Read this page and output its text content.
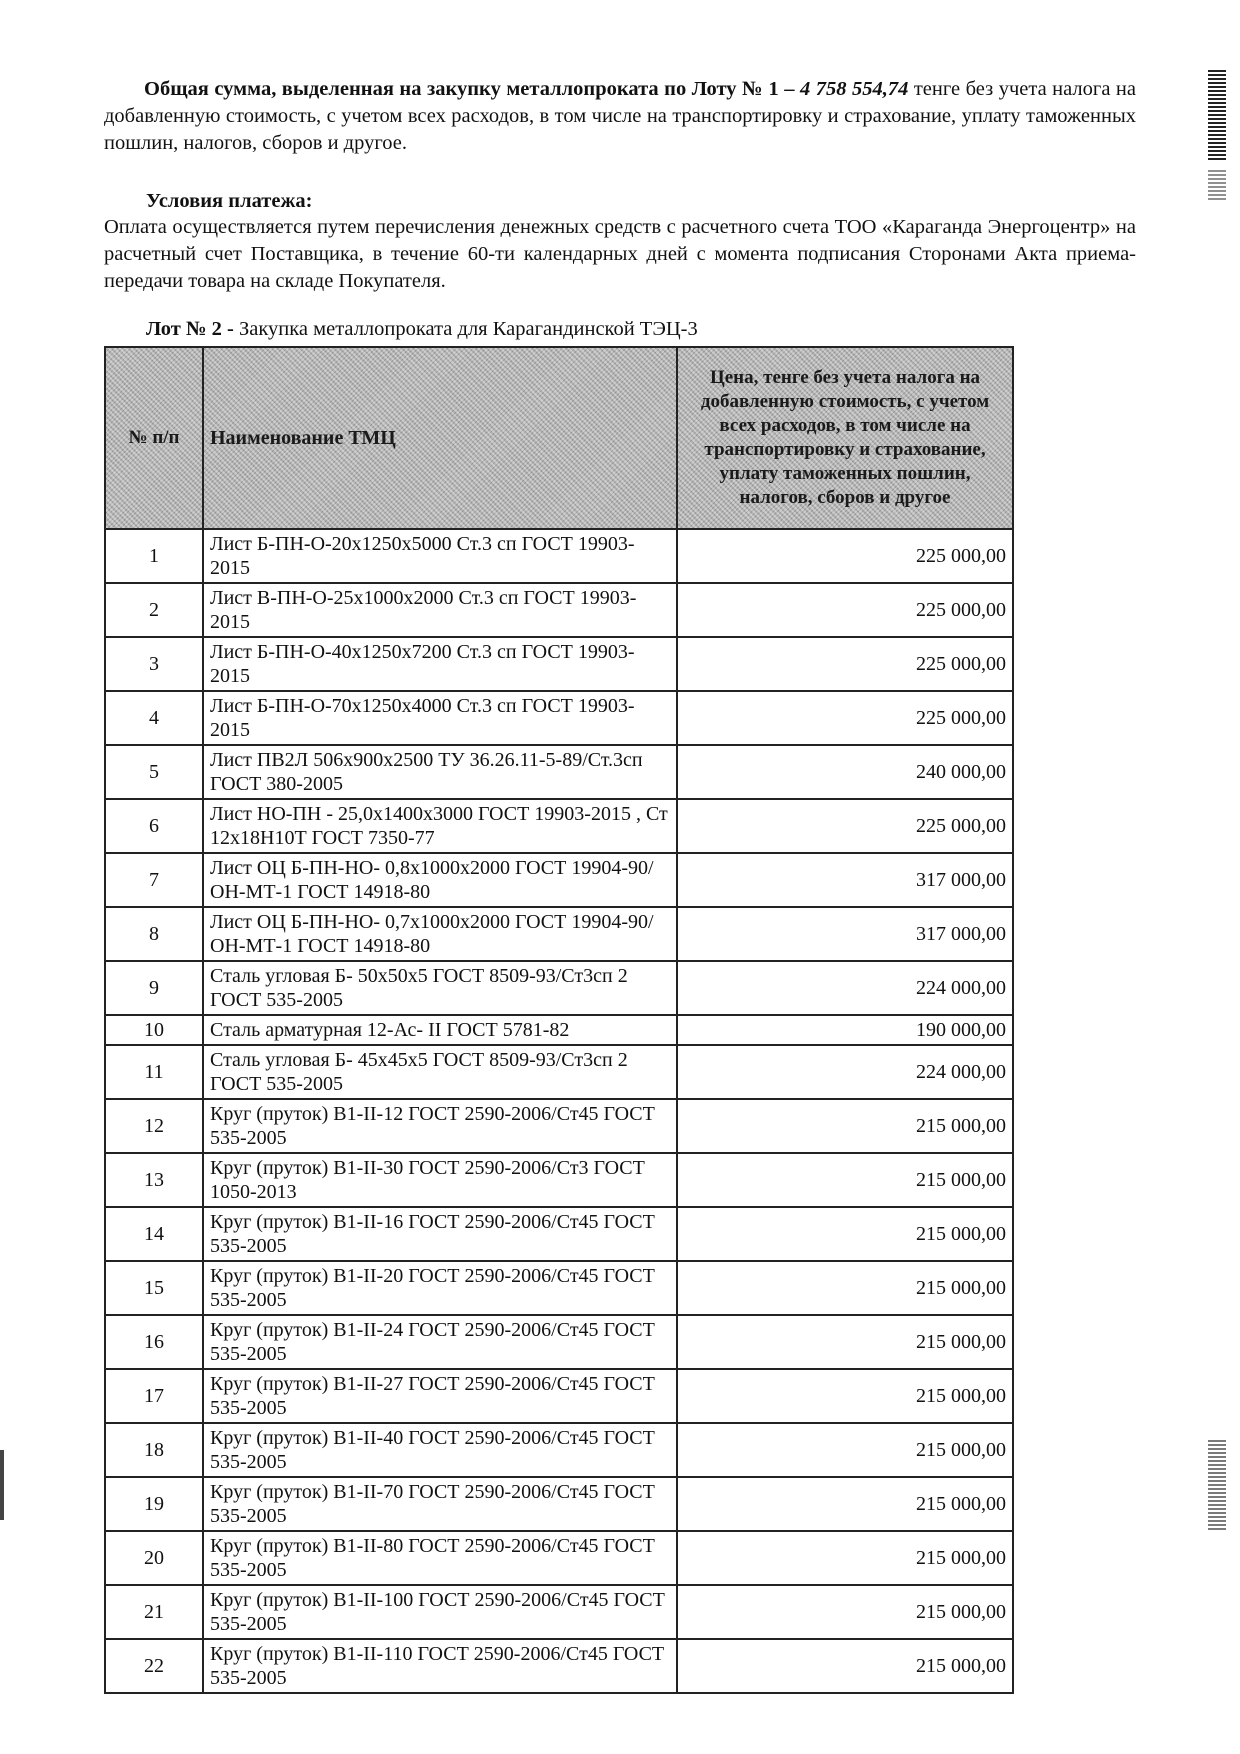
Общая сумма, выделенная на закупку металлопроката по Лоту № 1 – 4 758 554,74 тенге без учета налога на добавленную стоимость, с учетом всех расходов, в том числе на транспортировку и страхование, уплату таможенных пошлин, налогов, сборов и другое.
Условия платежа:
Оплата осуществляется путем перечисления денежных средств с расчетного счета ТОО «Караганда Энергоцентр» на расчетный счет Поставщика, в течение 60-ти календарных дней с момента подписания Сторонами Акта приема-передачи товара на складе Покупателя.
Лот № 2 - Закупка металлопроката для Карагандинской ТЭЦ-3
№ п/п	Наименование ТМЦ	Цена, тенге без учета налога на добавленную стоимость, с учетом всех расходов, в том числе на транспортировку и страхование, уплату таможенных пошлин, налогов, сборов и другое
1	Лист Б-ПН-О-20х1250х5000 Ст.3 сп ГОСТ 19903-2015	225 000,00
2	Лист В-ПН-О-25х1000х2000 Ст.3 сп ГОСТ 19903-2015	225 000,00
3	Лист Б-ПН-О-40х1250х7200 Ст.3 сп ГОСТ 19903-2015	225 000,00
4	Лист Б-ПН-О-70х1250х4000 Ст.3 сп ГОСТ 19903-2015	225 000,00
5	Лист ПВ2Л 506х900х2500 ТУ 36.26.11-5-89/Ст.3сп ГОСТ 380-2005	240 000,00
6	Лист НО-ПН - 25,0х1400х3000 ГОСТ 19903-2015 , Ст 12х18Н10Т ГОСТ 7350-77	225 000,00
7	Лист ОЦ Б-ПН-НО- 0,8х1000х2000 ГОСТ 19904-90/ОН-МТ-1 ГОСТ 14918-80	317 000,00
8	Лист ОЦ Б-ПН-НО- 0,7х1000х2000 ГОСТ 19904-90/ОН-МТ-1 ГОСТ 14918-80	317 000,00
9	Сталь угловая Б- 50х50х5 ГОСТ 8509-93/Ст3сп 2 ГОСТ 535-2005	224 000,00
10	Сталь арматурная 12-Ас- II ГОСТ 5781-82	190 000,00
11	Сталь угловая Б- 45х45х5 ГОСТ 8509-93/Ст3сп 2 ГОСТ 535-2005	224 000,00
12	Круг (пруток) В1-II-12 ГОСТ 2590-2006/Ст45 ГОСТ 535-2005	215 000,00
13	Круг (пруток) В1-II-30 ГОСТ 2590-2006/Ст3 ГОСТ 1050-2013	215 000,00
14	Круг (пруток) В1-II-16 ГОСТ 2590-2006/Ст45 ГОСТ 535-2005	215 000,00
15	Круг (пруток) В1-II-20 ГОСТ 2590-2006/Ст45 ГОСТ 535-2005	215 000,00
16	Круг (пруток) В1-II-24 ГОСТ 2590-2006/Ст45 ГОСТ 535-2005	215 000,00
17	Круг (пруток) В1-II-27 ГОСТ 2590-2006/Ст45 ГОСТ 535-2005	215 000,00
18	Круг (пруток) В1-II-40 ГОСТ 2590-2006/Ст45 ГОСТ 535-2005	215 000,00
19	Круг (пруток) В1-II-70 ГОСТ 2590-2006/Ст45 ГОСТ 535-2005	215 000,00
20	Круг (пруток) В1-II-80 ГОСТ 2590-2006/Ст45 ГОСТ 535-2005	215 000,00
21	Круг (пруток) В1-II-100 ГОСТ 2590-2006/Ст45 ГОСТ 535-2005	215 000,00
22	Круг (пруток) В1-II-110 ГОСТ 2590-2006/Ст45 ГОСТ 535-2005	215 000,00
